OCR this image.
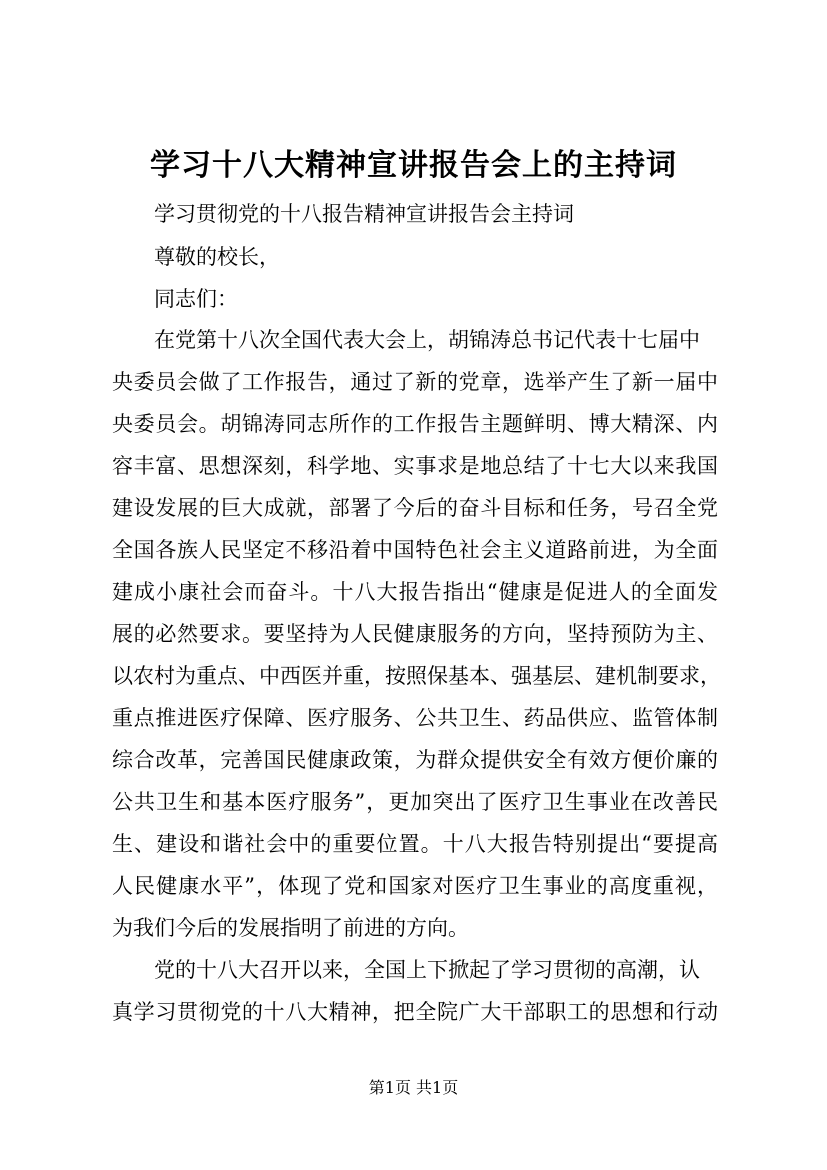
学习十八大精神宣讲报告会上的主持词

学习贯彻党的十八报告精神宣讲报告会主持词

尊敬的校长，

同志们：

在党第十八次全国代表大会上，胡锦涛总书记代表十七届中

央委员会做了工作报告，通过了新的党章，选举产生了新一届中

央委员会。胡锦涛同志所作的工作报告主题鲜明、博大精深、内

容丰富、思想深刻，科学地、实事求是地总结了十七大以来我国

建设发展的巨大成就，部署了今后的奋斗目标和任务，号召全党

全国各族人民坚定不移沿着中国特色社会主义道路前进，为全面

建成小康社会而奋斗。十八大报告指出“健康是促进人的全面发

展的必然要求。要坚持为人民健康服务的方向，坚持预防为主、

以农村为重点、中西医并重，按照保基本、强基层、建机制要求，

重点推进医疗保障、医疗服务、公共卫生、药品供应、监管体制

综合改革，完善国民健康政策，为群众提供安全有效方便价廉的

公共卫生和基本医疗服务”，更加突出了医疗卫生事业在改善民

生、建设和谐社会中的重要位置。十八大报告特别提出“要提高

人民健康水平”，体现了党和国家对医疗卫生事业的高度重视，

为我们今后的发展指明了前进的方向。

党的十八大召开以来，全国上下掀起了学习贯彻的高潮，认

真学习贯彻党的十八大精神，把全院广大干部职工的思想和行动

第1页 共1页
